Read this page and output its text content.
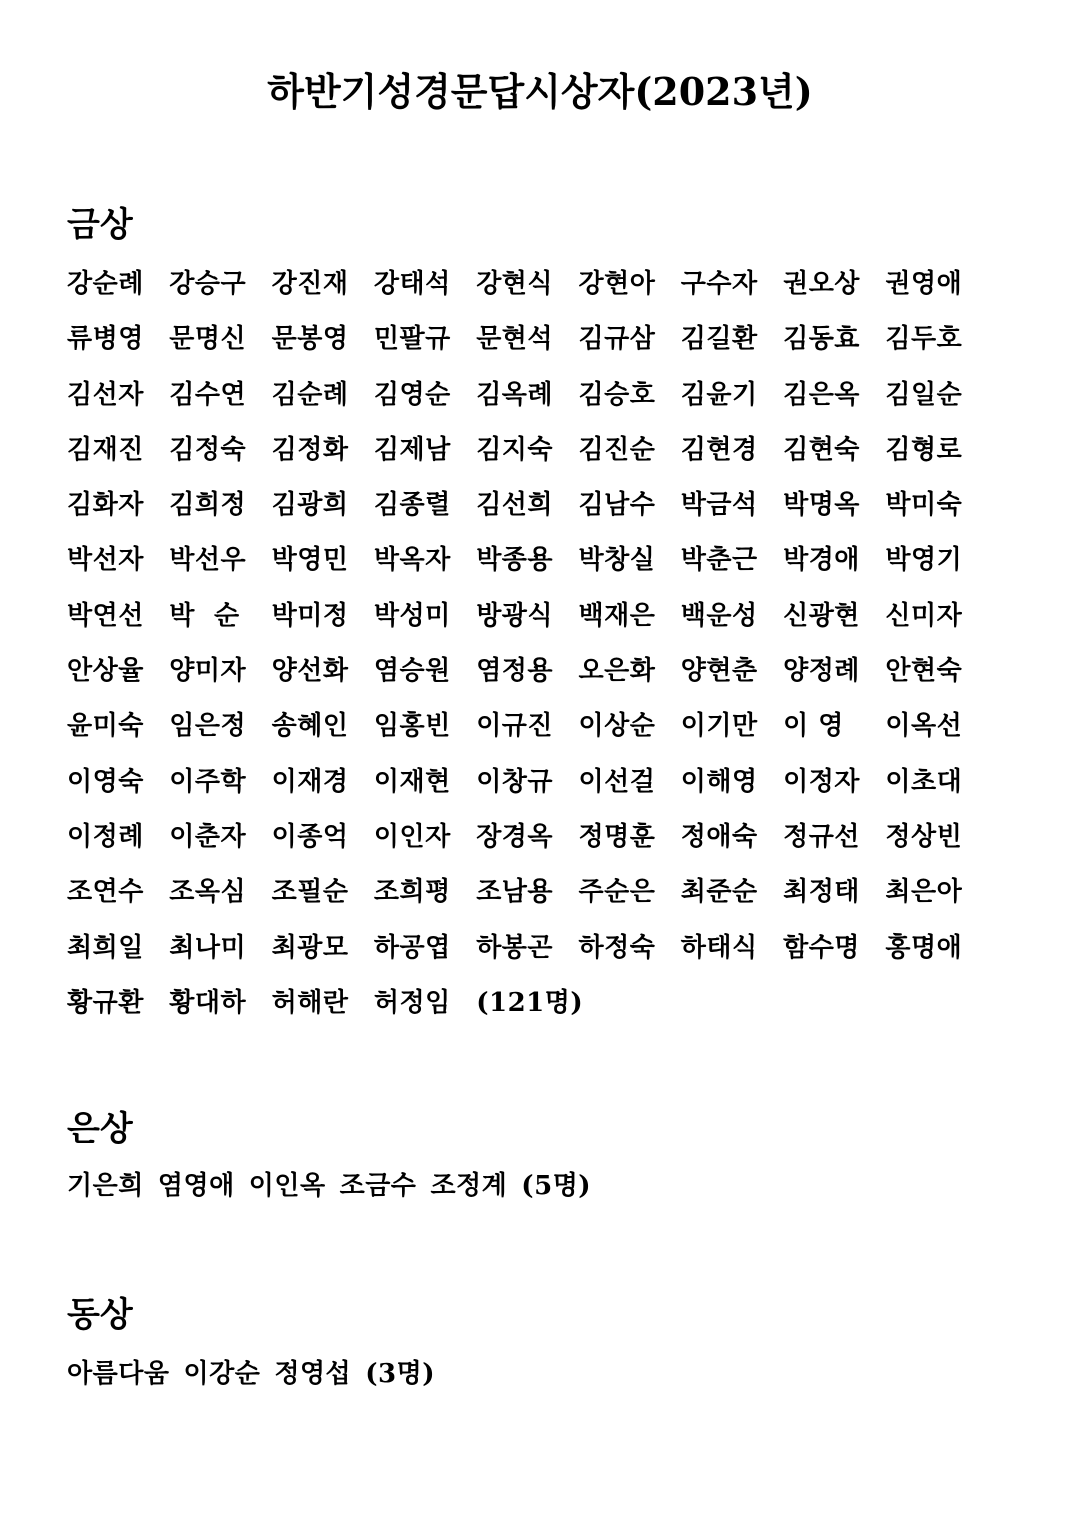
하반기성경문답시상자(2023년)
금상
강순례 강승구 강진재 강태석 강현식 강현아 구수자 권오상 권영애
류병영 문명신 문봉영 민팔규 문현석 김규삼 김길환 김동효 김두호
김선자 김수연 김순례 김영순 김옥례 김승호 김윤기 김은옥 김일순
김재진 김정숙 김정화 김제남 김지숙 김진순 김현경 김현숙 김형로
김화자 김희정 김광희 김종렬 김선희 김남수 박금석 박명옥 박미숙
박선자 박선우 박영민 박옥자 박종용 박창실 박춘근 박경애 박영기
박연선 박  순	박미정 박성미 방광식 백재은 백운성 신광현 신미자
안상율 양미자 양선화 염승원 염정용 오은화 양현춘 양정례 안현숙
윤미숙 임은정 송혜인 임홍빈 이규진 이상순 이기만 이 영	이옥선
이영숙 이주학 이재경 이재현 이창규 이선걸 이해영 이정자 이초대
이정례 이춘자 이종억 이인자 장경옥 정명훈 정애숙 정규선 정상빈
조연수 조옥심 조필순 조희평 조남용 주순은 최준순 최정태 최은아
최희일 최나미 최광모 하공엽 하봉곤 하정숙 하태식 함수명 홍명애
황규환 황대하 허해란 허정임 (121명)
은상
기은희 염영애 이인옥 조금수 조정계 (5명)
동상
아름다움 이강순 정영섭 (3명)
